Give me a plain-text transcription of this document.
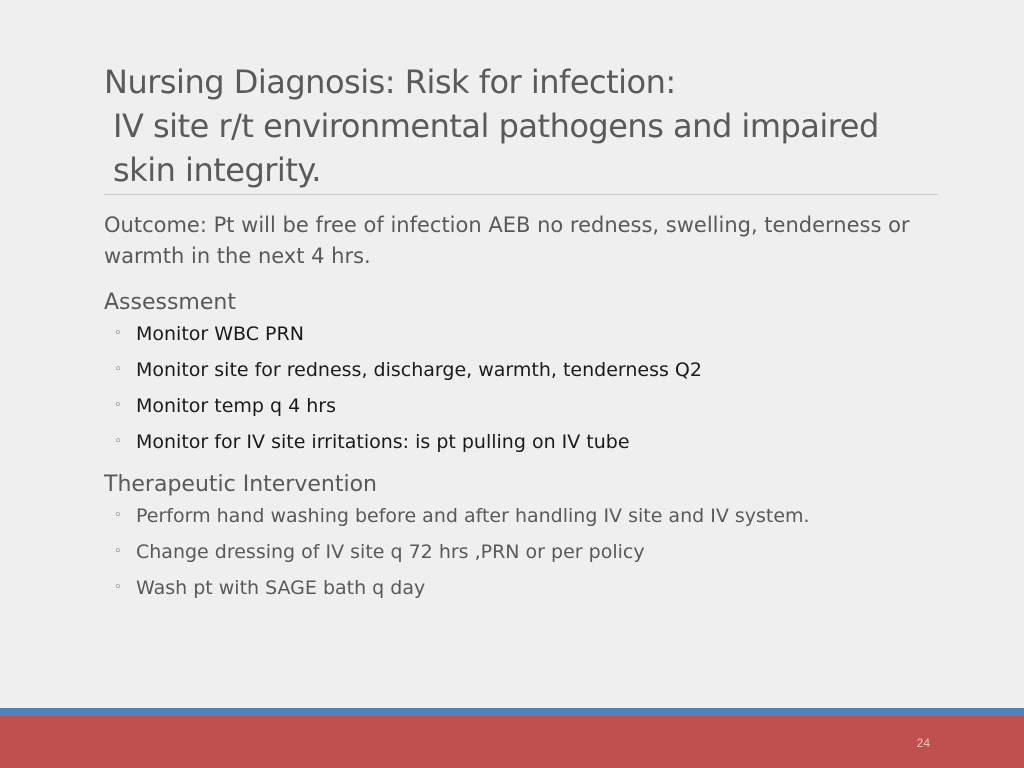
Nursing Diagnosis: Risk for infection:
IV site r/t environmental pathogens and impaired
skin integrity.

Outcome: Pt will be free of infection AEB no redness, swelling, tenderness or warmth in the next 4 hrs.

Assessment

◦ Monitor WBC PRN
◦ Monitor site for redness, discharge, warmth, tenderness Q2
◦ Monitor temp q 4 hrs
◦ Monitor for IV site irritations: is pt pulling on IV tube

Therapeutic Intervention

◦ Perform hand washing before and after handling IV site and IV system.
◦ Change dressing of IV site q 72 hrs ,PRN or per policy
◦ Wash pt with SAGE bath q day
24
